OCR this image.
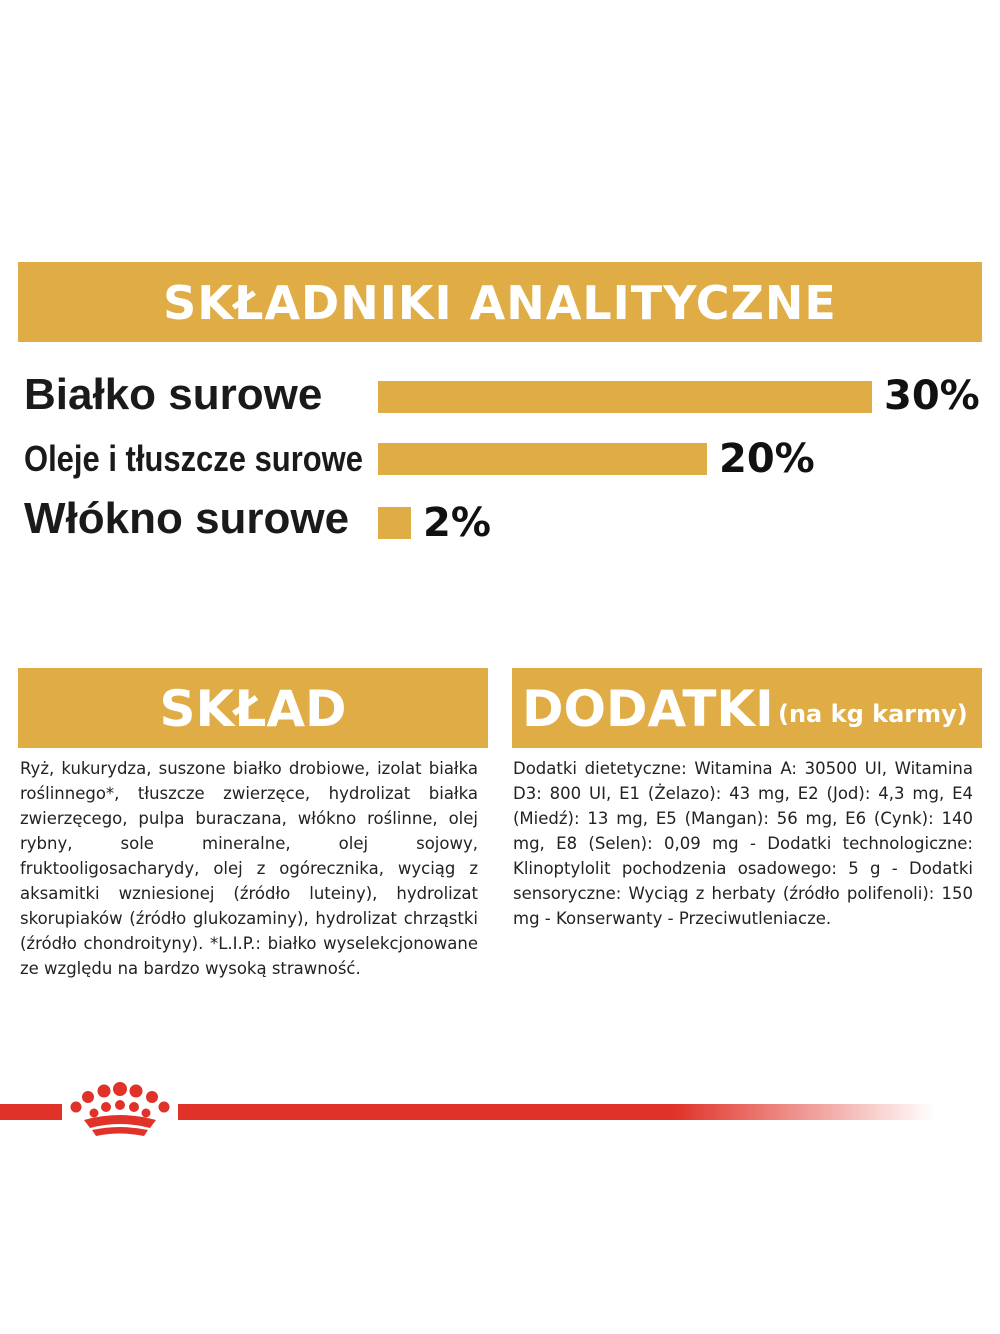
SKŁADNIKI ANALITYCZNE
Białko surowe
Oleje i tłuszcze surowe
Włókno surowe
30%
20%
2%
SKŁAD
Ryż, kukurydza, suszone białko drobiowe, izolat białka roślinnego*, tłuszcze zwierzęce, hydrolizat białka zwierzęcego, pulpa buraczana, włókno roślinne, olej rybny, sole mineralne, olej sojowy, fruktooligosacharydy, olej z ogórecznika, wyciąg z aksamitki wzniesionej (źródło luteiny), hydrolizat skorupiaków (źródło glukozaminy), hydrolizat chrząstki (źródło chondroityny). *L.I.P.: białko wyselekcjonowane ze względu na bardzo wysoką strawność.
DODATKI (na kg karmy)
Dodatki dietetyczne: Witamina A: 30500 UI, Witamina D3: 800 UI, E1 (Żelazo): 43 mg, E2 (Jod): 4,3 mg, E4 (Miedź): 13 mg, E5 (Mangan): 56 mg, E6 (Cynk): 140 mg, E8 (Selen): 0,09 mg - Dodatki technologiczne: Klinoptylolit pochodzenia osadowego: 5 g - Dodatki sensoryczne: Wyciąg z herbaty (źródło polifenoli): 150 mg - Konserwanty - Przeciwutleniacze.
